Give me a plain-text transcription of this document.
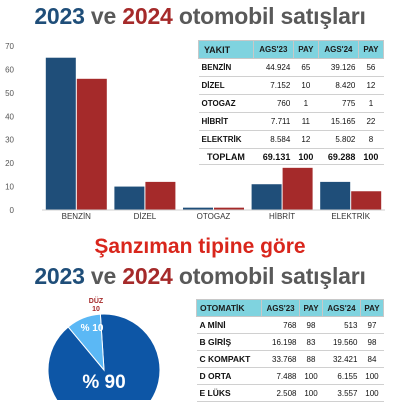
2023 ve 2024 otomobil satışları
0
10
20
30
40
50
60
70
BENZİN	DİZEL	OTOGAZ	HİBRİT	ELEKTRİK
YAKIT	AGS'23	PAY	AGS'24	PAY
BENZİN	44.924	65	39.126	56
DİZEL	7.152	10	8.420	12
OTOGAZ	760	1	775	1
HİBRİT	7.711	11	15.165	22
ELEKTRİK	8.584	12	5.802	8
TOPLAM	69.131	100	69.288	100
Şanzıman tipine göre
2023 ve 2024 otomobil satışları
DÜZ
10
% 90
% 10
OTOMATİK	AGS'23	PAY	AGS'24	PAY
A MİNİ	768	98	513	97
B GİRİŞ	16.198	83	19.560	98
C KOMPAKT	33.768	88	32.421	84
D ORTA	7.488	100	6.155	100
E LÜKS	2.508	100	3.557	100
